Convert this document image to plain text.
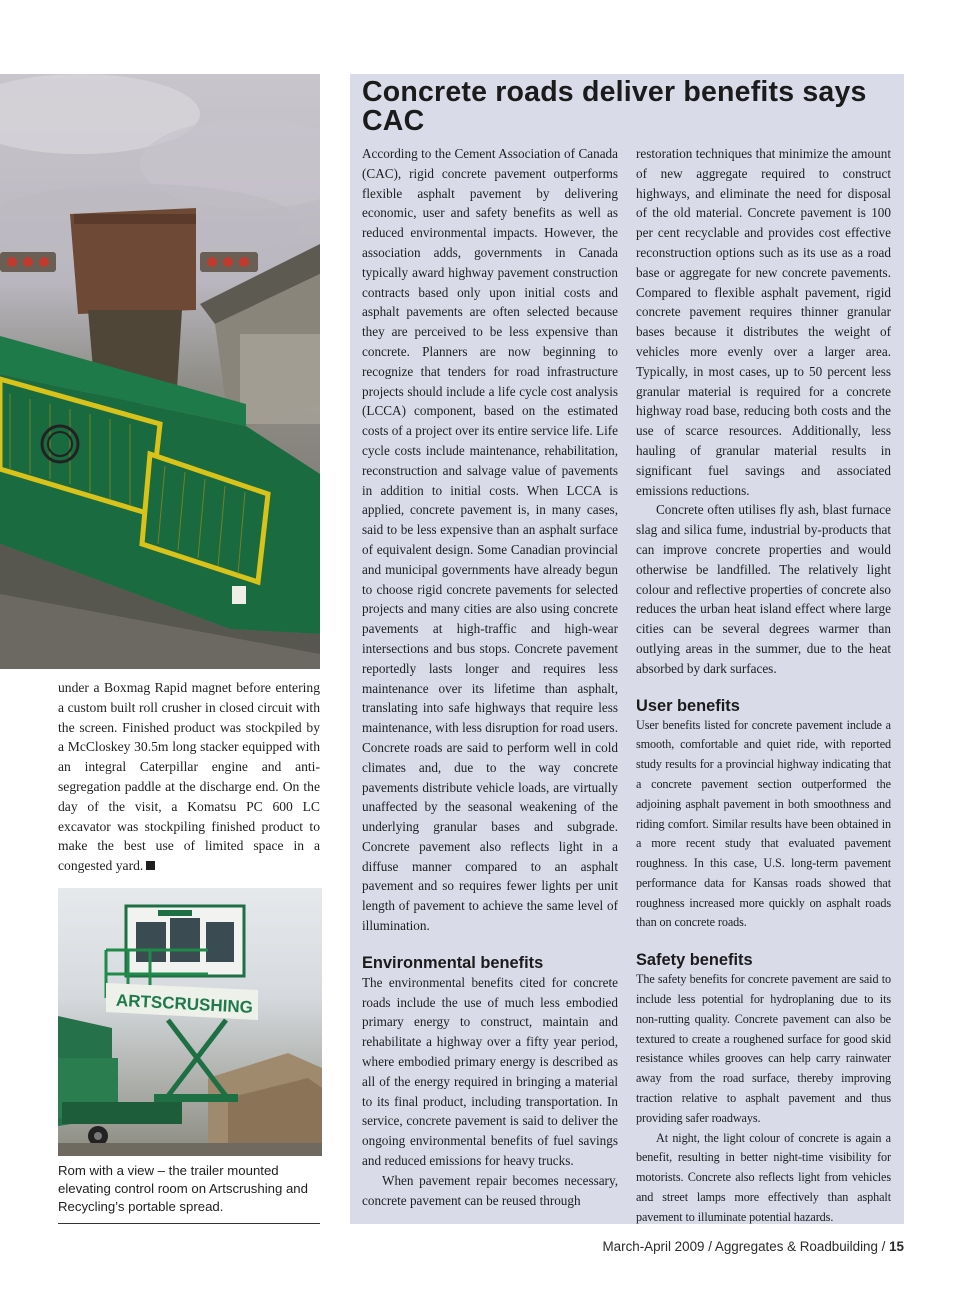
under a Boxmag Rapid magnet before entering a custom built roll crusher in closed circuit with the screen. Finished product was stockpiled by a McCloskey 30.5m long stacker equipped with an integral Caterpillar engine and anti-segregation paddle at the discharge end. On the day of the visit, a Komatsu PC 600 LC excavator was stockpiling finished product to make the best use of limited space in a congested yard.

ARTSCRUSHING
Rom with a view – the trailer mounted elevating control room on Artscrushing and Recycling’s portable spread.
Concrete roads deliver benefits says CAC

According to the Cement Association of Canada (CAC), rigid concrete pavement outperforms flexible asphalt pavement by delivering economic, user and safety benefits as well as reduced environmental impacts. However, the association adds, governments in Canada typically award highway pavement construction contracts based only upon initial costs and asphalt pavements are often selected because they are perceived to be less expensive than concrete. Planners are now beginning to recognize that tenders for road infrastructure projects should include a life cycle cost analysis (LCCA) component, based on the estimated costs of a project over its entire service life. Life cycle costs include maintenance, rehabilitation, reconstruction and salvage value of pavements in addition to initial costs. When LCCA is applied, concrete pavement is, in many cases, said to be less expensive than an asphalt surface of equivalent design. Some Canadian provincial and municipal governments have already begun to choose rigid concrete pavements for selected projects and many cities are also using concrete pavements at high-traffic and high-wear intersections and bus stops. Concrete pavement reportedly lasts longer and requires less maintenance over its lifetime than asphalt, translating into safe highways that require less maintenance, with less disruption for road users. Concrete roads are said to perform well in cold climates and, due to the way concrete pavements distribute vehicle loads, are virtually unaffected by the seasonal weakening of the underlying granular bases and subgrade. Concrete pavement also reflects light in a diffuse manner compared to an asphalt pavement and so requires fewer lights per unit length of pavement to achieve the same level of illumination.

Environmental benefits

The environmental benefits cited for concrete roads include the use of much less embodied primary energy to construct, maintain and rehabilitate a highway over a fifty year period, where embodied primary energy is described as all of the energy required in bringing a material to its final product, including transportation. In service, concrete pavement is said to deliver the ongoing environmental benefits of fuel savings and reduced emissions for heavy trucks.

When pavement repair becomes necessary, concrete pavement can be reused through

restoration techniques that minimize the amount of new aggregate required to construct highways, and eliminate the need for disposal of the old material. Concrete pavement is 100 per cent recyclable and provides cost effective reconstruction options such as its use as a road base or aggregate for new concrete pavements. Compared to flexible asphalt pavement, rigid concrete pavement requires thinner granular bases because it distributes the weight of vehicles more evenly over a larger area. Typically, in most cases, up to 50 percent less granular material is required for a concrete highway road base, reducing both costs and the use of scarce resources. Additionally, less hauling of granular material results in significant fuel savings and associated emissions reductions.

Concrete often utilises fly ash, blast furnace slag and silica fume, industrial by-products that can improve concrete properties and would otherwise be landfilled. The relatively light colour and reflective properties of concrete also reduces the urban heat island effect where large cities can be several degrees warmer than outlying areas in the summer, due to the heat absorbed by dark surfaces.

User benefits

User benefits listed for concrete pavement include a smooth, comfortable and quiet ride, with reported study results for a provincial highway indicating that a concrete pavement section outperformed the adjoining asphalt pavement in both smoothness and riding comfort. Similar results have been obtained in a more recent study that evaluated pavement roughness. In this case, U.S. long-term pavement performance data for Kansas roads showed that roughness increased more quickly on asphalt roads than on concrete roads.

Safety benefits

The safety benefits for concrete pavement are said to include less potential for hydroplaning due to its non-rutting quality. Concrete pavement can also be textured to create a roughened surface for good skid resistance whiles grooves can help carry rainwater away from the road surface, thereby improving traction relative to asphalt pavement and thus providing safer roadways.

At night, the light colour of concrete is again a benefit, resulting in better night-time visibility for motorists. Concrete also reflects light from vehicles and street lamps more effectively than asphalt pavement to illuminate potential hazards.

March-April 2009 / Aggregates & Roadbuilding / 15
